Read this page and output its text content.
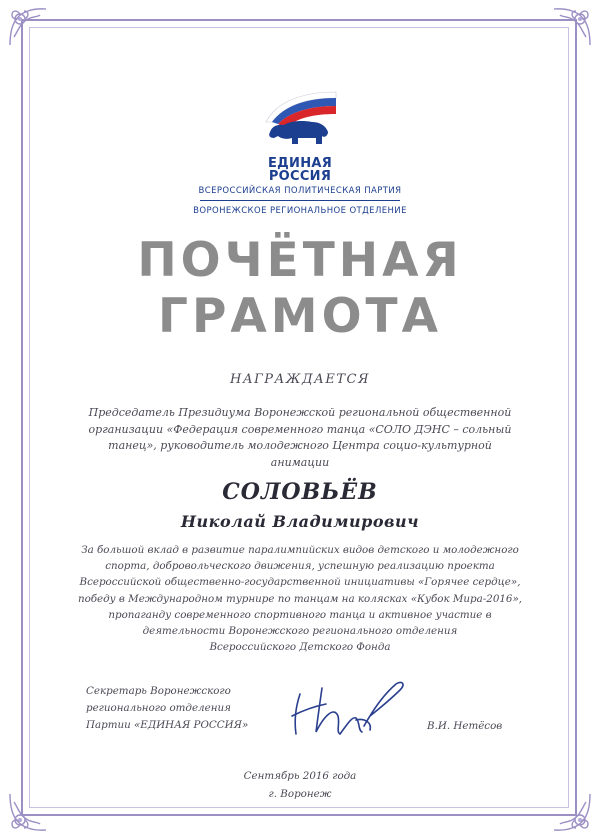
ЕДИНАЯ
РОССИЯ
ВСЕРОССИЙСКАЯ ПОЛИТИЧЕСКАЯ ПАРТИЯ
ВОРОНЕЖСКОЕ РЕГИОНАЛЬНОЕ ОТДЕЛЕНИЕ
ПОЧЁТНАЯ
ГРАМОТА
НАГРАЖДАЕТСЯ
Председатель Президиума Воронежской региональной общественной
организации «Федерация современного танца «СОЛО ДЭНС – сольный
танец», руководитель молодежного Центра социо-культурной анимации
СОЛОВЬЁВ
Николай Владимирович
За большой вклад в развитие паралимпийских видов детского и молодежного
спорта, добровольческого движения, успешную реализацию проекта
Всероссийской общественно-государственной инициативы «Горячее сердце»,
победу в Международном турнире по танцам на колясках «Кубок Мира-2016»,
пропаганду современного спортивного танца и активное участие в
деятельности Воронежского регионального отделения
Всероссийского Детского Фонда
Секретарь Воронежского
регионального отделения
Партии «ЕДИНАЯ РОССИЯ»	В.И. Нетёсов
Сентябрь 2016 года
г. Воронеж
